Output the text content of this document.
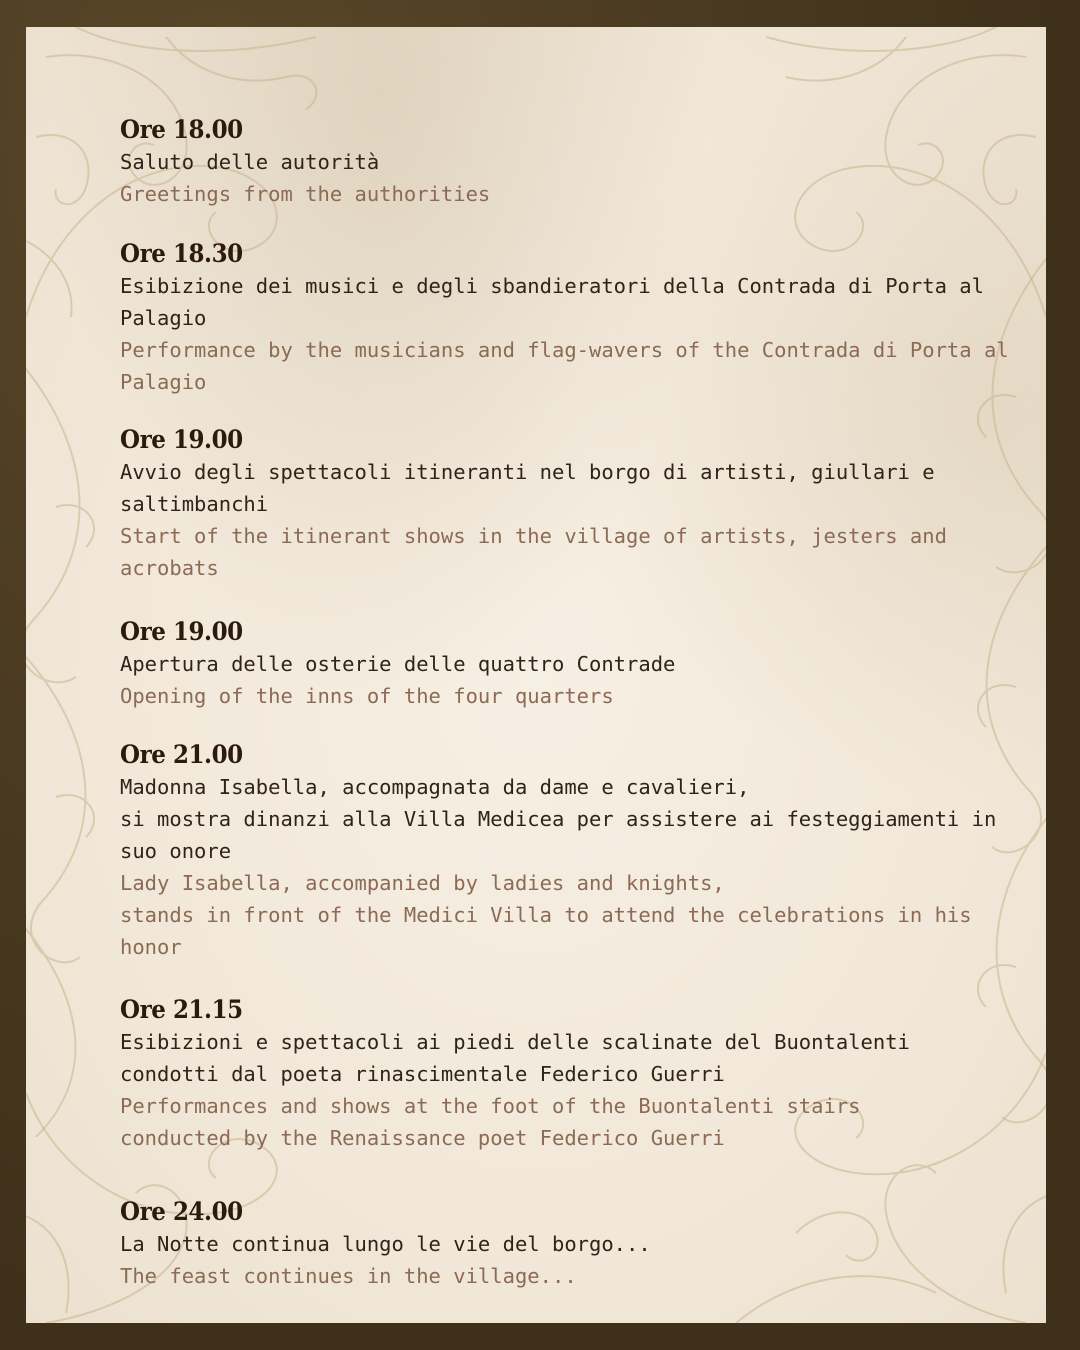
Ore 18.00
Saluto delle autorità
Greetings from the authorities
Ore 18.30
Esibizione dei musici e degli sbandieratori della Contrada di Porta al Palagio
Performance by the musicians and flag-wavers of the Contrada di Porta al Palagio
Ore 19.00
Avvio degli spettacoli itineranti nel borgo di artisti, giullari e saltimbanchi
Start of the itinerant shows in the village of artists, jesters and acrobats
Ore 19.00
Apertura delle osterie delle quattro Contrade
Opening of the inns of the four quarters
Ore 21.00
Madonna Isabella, accompagnata da dame e cavalieri,
si mostra dinanzi alla Villa Medicea per assistere ai festeggiamenti in suo onore
Lady Isabella, accompanied by ladies and knights,
stands in front of the Medici Villa to attend the celebrations in his honor
Ore 21.15
Esibizioni e spettacoli ai piedi delle scalinate del Buontalenti condotti dal poeta rinascimentale Federico Guerri
Performances and shows at the foot of the Buontalenti stairs
conducted by the Renaissance poet Federico Guerri
Ore 24.00
La Notte continua lungo le vie del borgo...
The feast continues in the village...
